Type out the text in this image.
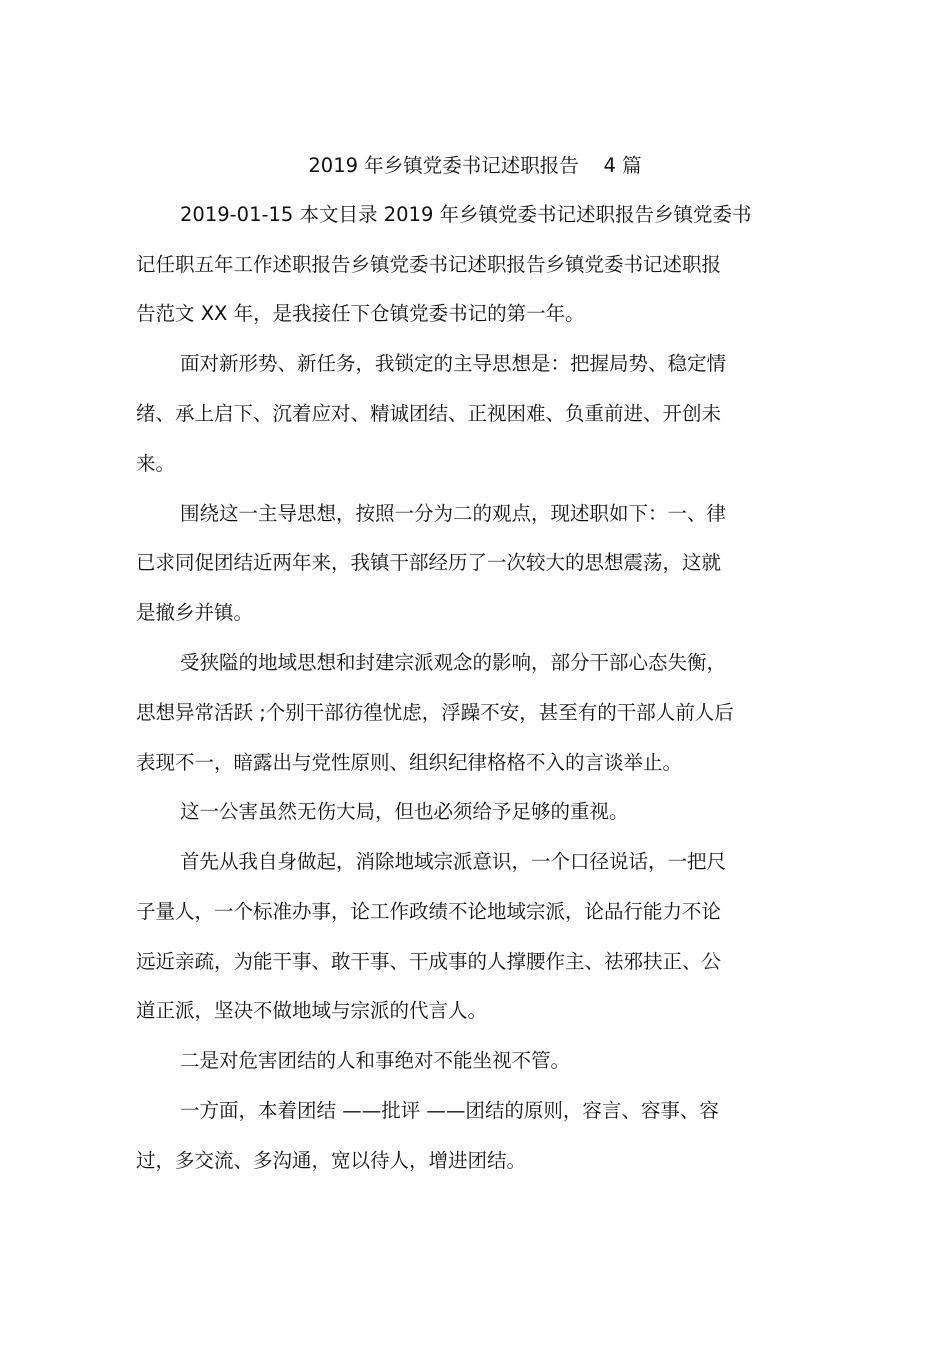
2019 年乡镇党委书记述职报告    4 篇

2019-01-15 本文目录 2019 年乡镇党委书记述职报告乡镇党委书

记任职五年工作述职报告乡镇党委书记述职报告乡镇党委书记述职报

告范文 XX 年，是我接任下仓镇党委书记的第一年。

面对新形势、新任务，我锁定的主导思想是：把握局势、稳定情

绪、承上启下、沉着应对、精诚团结、正视困难、负重前进、开创未

来。

围绕这一主导思想，按照一分为二的观点，现述职如下：一、律

已求同促团结近两年来，我镇干部经历了一次较大的思想震荡，这就

是撤乡并镇。

受狭隘的地域思想和封建宗派观念的影响，部分干部心态失衡，

思想异常活跃 ;个别干部彷徨忧虑，浮躁不安，甚至有的干部人前人后

表现不一，暗露出与党性原则、组织纪律格格不入的言谈举止。

这一公害虽然无伤大局，但也必须给予足够的重视。

首先从我自身做起，消除地域宗派意识，一个口径说话，一把尺

子量人，一个标准办事，论工作政绩不论地域宗派，论品行能力不论

远近亲疏，为能干事、敢干事、干成事的人撑腰作主、祛邪扶正、公

道正派，坚决不做地域与宗派的代言人。

二是对危害团结的人和事绝对不能坐视不管。

一方面，本着团结 ——批评 ——团结的原则，容言、容事、容

过，多交流、多沟通，宽以待人，增进团结。
